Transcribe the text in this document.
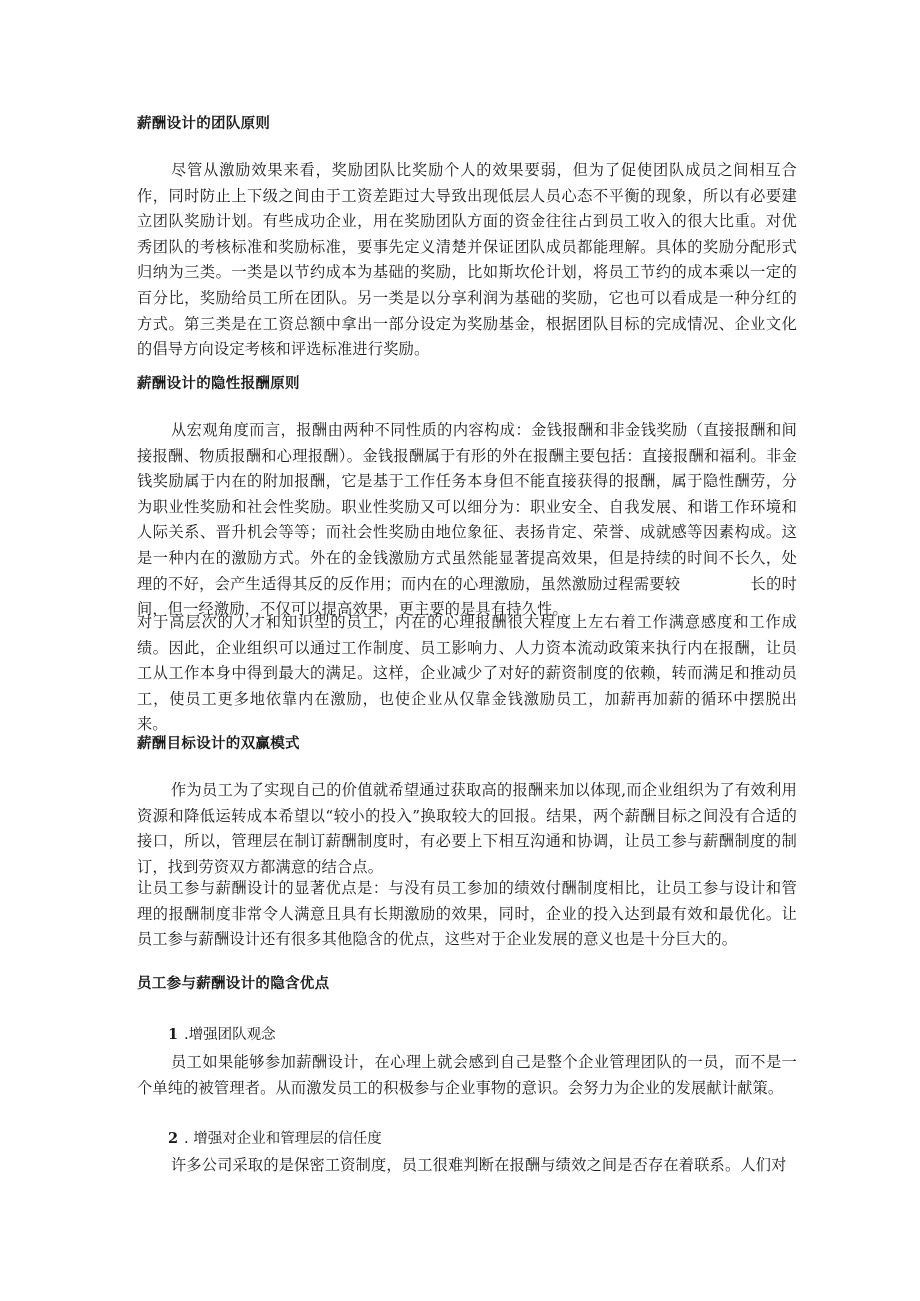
薪酬设计的团队原则

尽管从激励效果来看，奖励团队比奖励个人的效果要弱，但为了促使团队成员之间相互合作，同时防止上下级之间由于工资差距过大导致出现低层人员心态不平衡的现象，所以有必要建立团队奖励计划。有些成功企业，用在奖励团队方面的资金往往占到员工收入的很大比重。对优秀团队的考核标准和奖励标准，要事先定义清楚并保证团队成员都能理解。具体的奖励分配形式归纳为三类。一类是以节约成本为基础的奖励，比如斯坎伦计划，将员工节约的成本乘以一定的百分比，奖励给员工所在团队。另一类是以分享利润为基础的奖励，它也可以看成是一种分红的方式。第三类是在工资总额中拿出一部分设定为奖励基金，根据团队目标的完成情况、企业文化的倡导方向设定考核和评选标准进行奖励。

薪酬设计的隐性报酬原则
从宏观角度而言，报酬由两种不同性质的内容构成：金钱报酬和非金钱奖励（直接报酬和间接报酬、物质报酬和心理报酬）。金钱报酬属于有形的外在报酬主要包括：直接报酬和福利。非金钱奖励属于内在的附加报酬，它是基于工作任务本身但不能直接获得的报酬，属于隐性酬劳，分为职业性奖励和社会性奖励。职业性奖励又可以细分为：职业安全、自我发展、和谐工作环境和人际关系、晋升机会等等；而社会性奖励由地位象征、表扬肯定、荣誉、成就感等因素构成。这是一种内在的激励方式。外在的金钱激励方式虽然能显著提高效果，但是持续的时间不长久，处理的不好，会产生适得其反的反作用；而内在的心理激励，虽然激励过程需要较	长的时间，但一经激励，不仅可以提高效果，更主要的是具有持久性。

对于高层次的人才和知识型的员工，内在的心理报酬很大程度上左右着工作满意感度和工作成绩。因此，企业组织可以通过工作制度、员工影响力、人力资本流动政策来执行内在报酬，让员工从工作本身中得到最大的满足。这样，企业减少了对好的薪资制度的依赖，转而满足和推动员工，使员工更多地依靠内在激励，也使企业从仅靠金钱激励员工，加薪再加薪的循环中摆脱出来。

薪酬目标设计的双赢模式

作为员工为了实现自己的价值就希望通过获取高的报酬来加以体现,而企业组织为了有效利用资源和降低运转成本希望以“较小的投入”换取较大的回报。结果，两个薪酬目标之间没有合适的接口，所以，管理层在制订薪酬制度时，有必要上下相互沟通和协调，让员工参与薪酬制度的制订，找到劳资双方都满意的结合点。

让员工参与薪酬设计的显著优点是：与没有员工参加的绩效付酬制度相比，让员工参与设计和管理的报酬制度非常令人满意且具有长期激励的效果，同时，企业的投入达到最有效和最优化。让员工参与薪酬设计还有很多其他隐含的优点，这些对于企业发展的意义也是十分巨大的。

员工参与薪酬设计的隐含优点
1 .增强团队观念

员工如果能够参加薪酬设计，在心理上就会感到自己是整个企业管理团队的一员，而不是一个单纯的被管理者。从而激发员工的积极参与企业事物的意识。会努力为企业的发展献计献策。

2 . 增强对企业和管理层的信任度

许多公司采取的是保密工资制度，员工很难判断在报酬与绩效之间是否存在着联系。人们对
